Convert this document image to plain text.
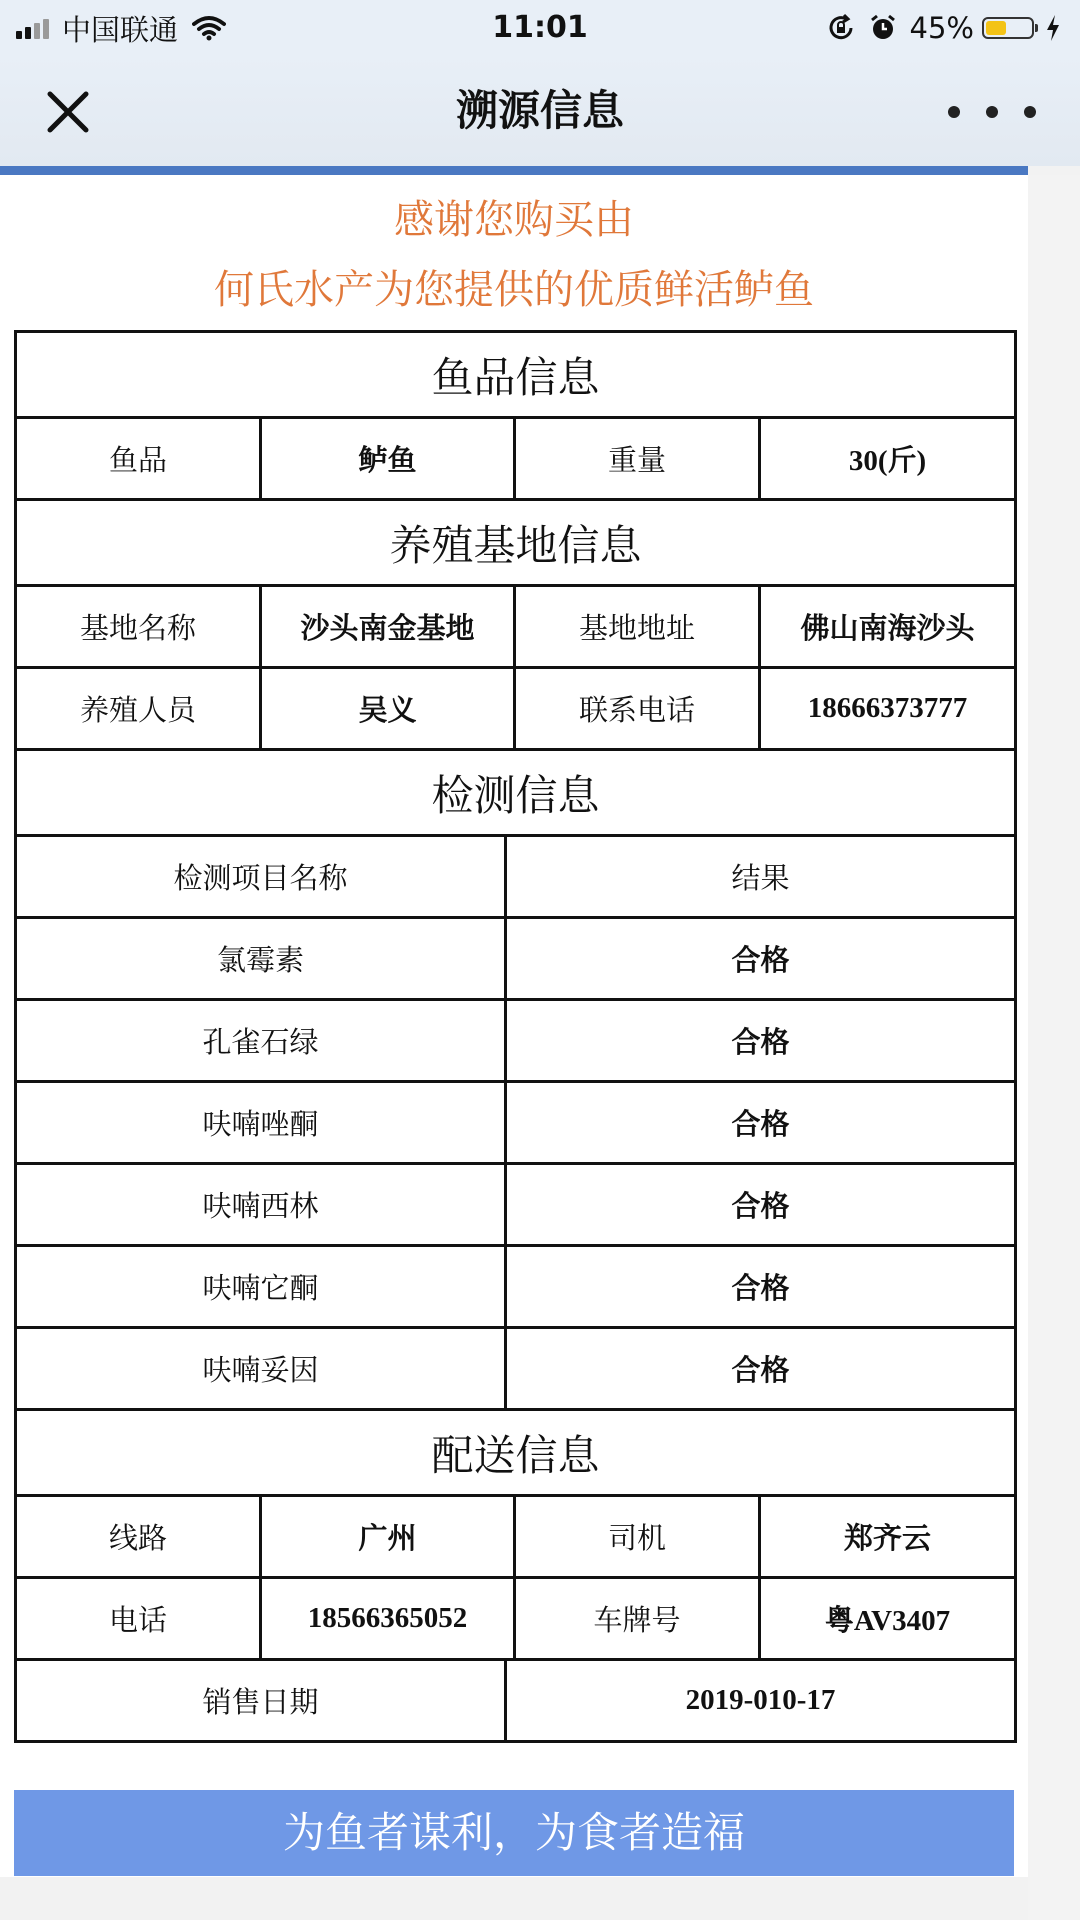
中国联通	11:01	45%
溯源信息
感谢您购买由
何氏水产为您提供的优质鲜活鲈鱼
鱼品信息				
鱼品	鲈鱼		重量	30(斤)
养殖基地信息				
基地名称	沙头南金基地		基地地址	佛山南海沙头
养殖人员	吴义		联系电话	18666373777
检测信息				
检测项目名称		结果		
氯霉素		合格		
孔雀石绿		合格		
呋喃唑酮		合格		
呋喃西林		合格		
呋喃它酮		合格		
呋喃妥因		合格		
配送信息				
线路	广州		司机	郑齐云
电话	18566365052		车牌号	粤AV3407
销售日期		2019-010-17		
为鱼者谋利，为食者造福
